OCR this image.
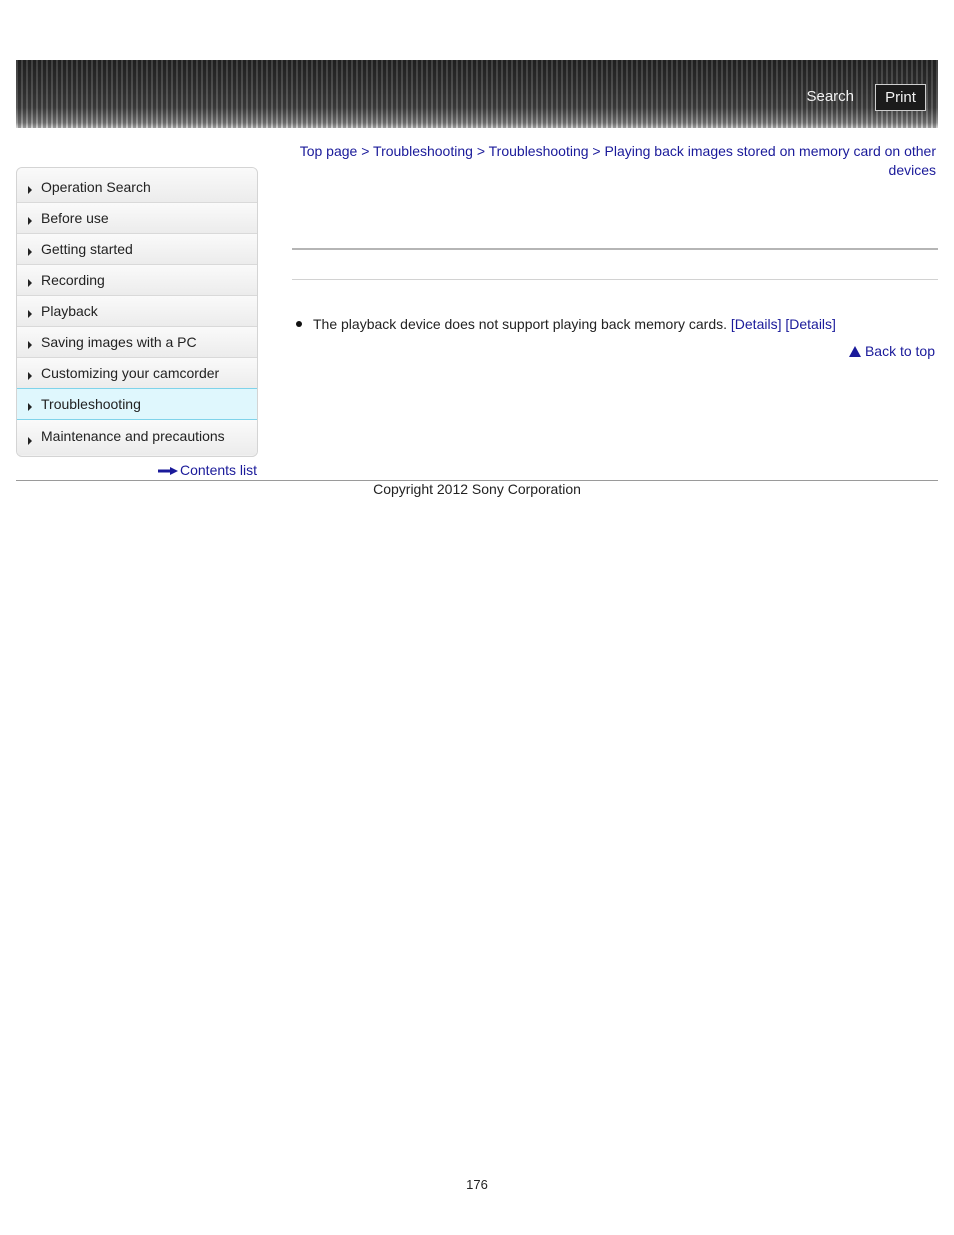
Search	Print
Top page > Troubleshooting > Troubleshooting > Playing back images stored on memory card on other devices
Operation Search
Before use
Getting started
Recording
Playback
Saving images with a PC
Customizing your camcorder
Troubleshooting
Maintenance and precautions
Contents list
The playback device does not support playing back memory cards. [Details] [Details]
Back to top
Copyright 2012 Sony Corporation
176
